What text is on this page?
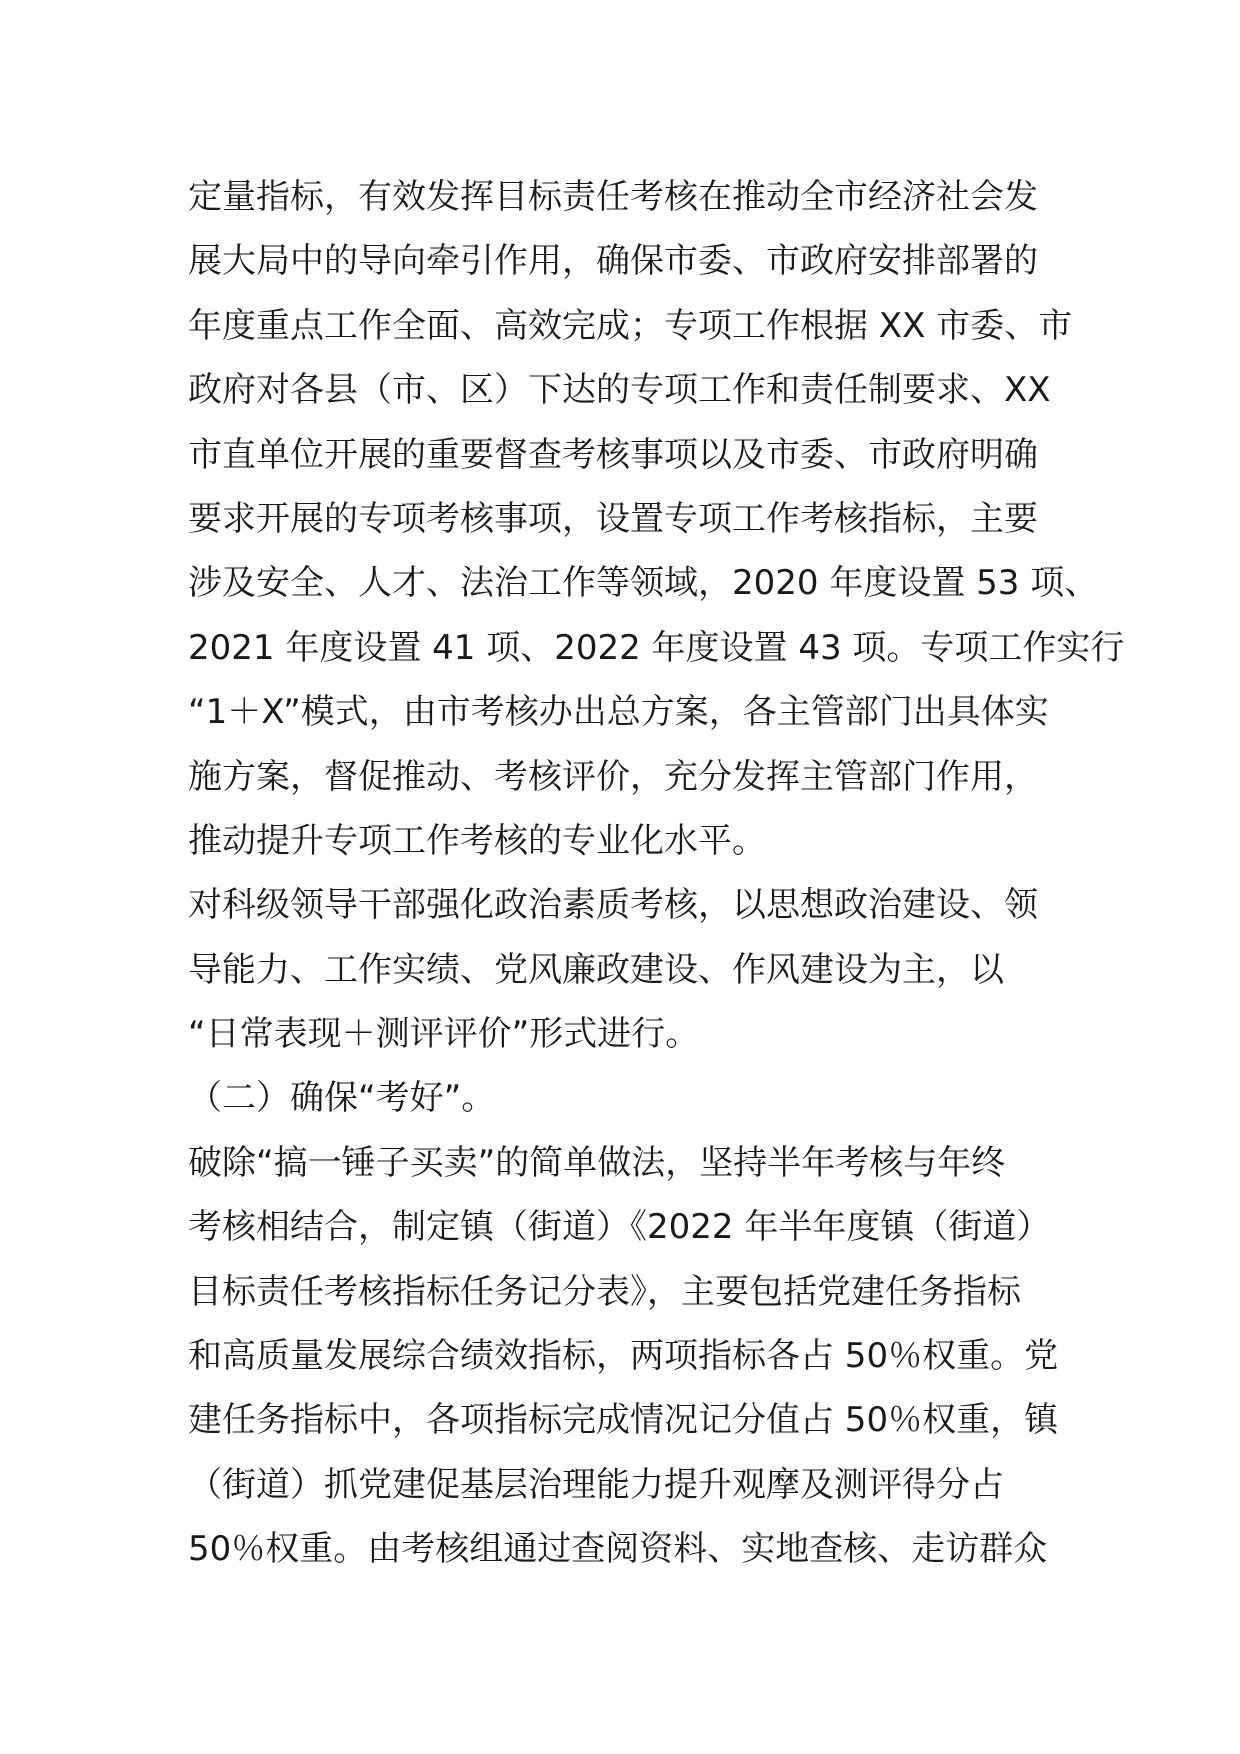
定量指标，有效发挥目标责任考核在推动全市经济社会发
展大局中的导向牵引作用，确保市委、市政府安排部署的
年度重点工作全面、高效完成；专项工作根据 XX 市委、市
政府对各县（市、区）下达的专项工作和责任制要求、XX
市直单位开展的重要督查考核事项以及市委、市政府明确
要求开展的专项考核事项，设置专项工作考核指标，主要
涉及安全、人才、法治工作等领域，2020 年度设置 53 项、
2021 年度设置 41 项、2022 年度设置 43 项。专项工作实行
“1＋X”模式，由市考核办出总方案，各主管部门出具体实
施方案，督促推动、考核评价，充分发挥主管部门作用，
推动提升专项工作考核的专业化水平。
对科级领导干部强化政治素质考核，以思想政治建设、领
导能力、工作实绩、党风廉政建设、作风建设为主，以
“日常表现＋测评评价”形式进行。
（二）确保“考好”。
破除“搞一锤子买卖”的简单做法，坚持半年考核与年终
考核相结合，制定镇（街道）《2022 年半年度镇（街道）
目标责任考核指标任务记分表》，主要包括党建任务指标
和高质量发展综合绩效指标，两项指标各占 50％权重。党
建任务指标中，各项指标完成情况记分值占 50％权重，镇
（街道）抓党建促基层治理能力提升观摩及测评得分占
50％权重。由考核组通过查阅资料、实地查核、走访群众
